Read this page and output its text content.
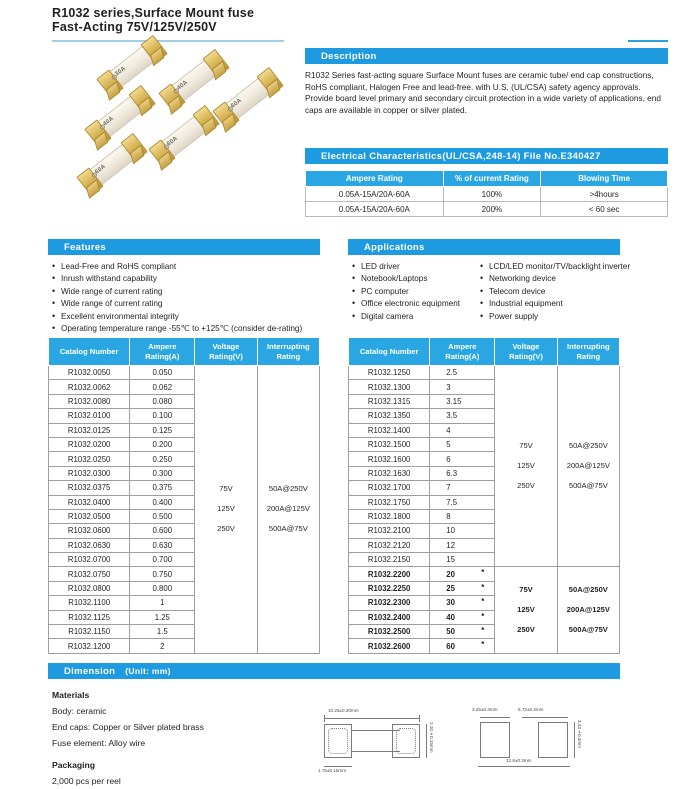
R1032 series,Surface Mount fuse
Fast-Acting 75V/125V/250V
30A
40A
40A
60A
60A
60A
Description
R1032 Series fast-acting square Surface Mount fuses are ceramic tube/ end cap constructions, RoHS compliant, Halogen Free and lead-free. with U.S. (UL/CSA) safety agency approvals. Provide board level primary and secondary circuit protection in a wide variety of applications, end caps are available in copper or silver plated.
Electrical Characteristics(UL/CSA,248-14) File No.E340427
Ampere Rating	% of current Rating	Blowing Time
0.05A-15A/20A-60A	100%	>4hours
0.05A-15A/20A-60A	200%	< 60 sec
Features
• Lead-Free and RoHS compliant
• Inrush withstand capability
• Wide range of current rating
• Wide range of current rating
• Excellent environmental integrity
• Operating temperature range -55℃ to +125℃ (consider de-rating)
Applications
• LED driver
• Notebook/Laptops
• PC computer
• Office electronic equipment
• Digital camera
• LCD/LED monitor/TV/backlight inverter
• Networking device
• Telecom device
• Industrial equipment
• Power supply
Catalog Number	Ampere Rating(A)	Voltage Rating(V)	Interrupting Rating
R1032.0050	0.050	
75V
125V
250V

50A@250V
200A@125V
500A@75V

R1032.0062	0.062		
R1032.0080	0.080		
R1032.0100	0.100		
R1032.0125	0.125		
R1032.0200	0.200		
R1032.0250	0.250		
R1032.0300	0.300		
R1032.0375	0.375		
R1032.0400	0.400		
R1032.0500	0.500		
R1032.0600	0.600		
R1032.0630	0.630		
R1032.0700	0.700		
R1032.0750	0.750		
R1032.0800	0.800		
R1032.1100	1		
R1032.1125	1.25		
R1032.1150	1.5		
R1032.1200	2		
Catalog Number	Ampere Rating(A)	Voltage Rating(V)	Interrupting Rating
R1032.1250	2.5	
75V
125V
250V

50A@250V
200A@125V
500A@75V

R1032.1300	3		
R1032.1315	3.15		
R1032.1350	3.5		
R1032.1400	4		
R1032.1500	5		
R1032.1600	6		
R1032.1630	6.3		
R1032.1700	7		
R1032.1750	7.5		
R1032.1800	8		
R1032.2100	10		
R1032.2120	12		
R1032.2150	15		
R1032.2200	20	*

75V
125V
250V

50A@250V
200A@125V
500A@75V

R1032.2250	25 *		

R1032.2300	30 *		

R1032.2400	40 *		

R1032.2500	50 *		

R1032.2600	60 *		
Dimension (Unit: mm)
Materials
Body: ceramic
End caps: Copper or Silver plated brass
Fuse element: Alloy wire
Packaging
2,000 pcs per reel
10.25±0.20mm
2.20±0.15mm
1.75±0.15mm
3.25±0.3mm	5.72±0.3mm
3.43±0.3mm
12.6±0.3mm
